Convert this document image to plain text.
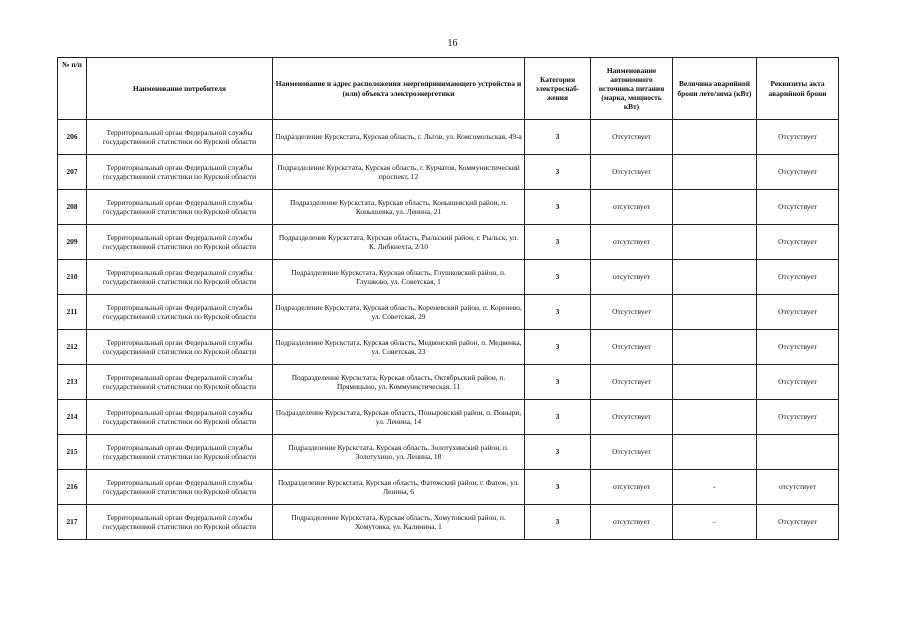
16
№ п/п	Наименование потребителя	Наименование и адрес расположения энергопринимающего устройства и (или) объекта электроэнергетики	Категория электроснаб-жения	Наименование автономного источника питания (марка, мощность кВт)	Величина аварийной брони лето/зима (кВт)	Реквизиты акта аварийной брони
206	Территориальный орган Федеральной службы государственной статистики по Курской области	Подразделение Курскстата, Курская область, г. Льгов, ул. Комсомольская, 49-а	3	Отсутствует		Отсутствует
207	Территориальный орган Федеральной службы государственной статистики по Курской области	Подразделение Курскстата, Курская область, г. Курчатов, Коммунистический проспект, 12	3	Отсутствует		Отсутствует
208	Территориальный орган Федеральной службы государственной статистики по Курской области	Подразделение Курскстата, Курская область, Конышевский район, п. Конышевка, ул. Ленина, 21	3	отсутствует		Отсутствует
209	Территориальный орган Федеральной службы государственной статистики по Курской области	Подразделение Курскстата, Курская область, Рыльский район, г. Рыльск, ул. К. Либкнехта, 2/10	3	отсутствует		Отсутствует
210	Территориальный орган Федеральной службы государственной статистики по Курской области	Подразделение Курскстата, Курская область, Глушковский район, п. Глушково, ул. Советская, 1	3	отсутствует		Отсутствует
211	Территориальный орган Федеральной службы государственной статистики по Курской области	Подразделение Курскстата, Курская область, Кореневский район, п. Коренево, ул. Советская, 29	3	Отсутствует		Отсутствует
212	Территориальный орган Федеральной службы государственной статистики по Курской области	Подразделение Курскстата, Курская область, Медвенский район, п. Медвенка, ул. Советская, 23	3	Отсутствует		Отсутствует
213	Территориальный орган Федеральной службы государственной статистики по Курской области	Подразделение Курскстата, Курская область, Октябрьский район, п. Прямицыно, ул. Коммунистическая, 11	3	Отсутствует		Отсутствует
214	Территориальный орган Федеральной службы государственной статистики по Курской области	Подразделение Курскстата, Курская область, Поныровский район, п. Поныри, ул. Ленина, 14	3	Отсутствует		Отсутствует
215	Территориальный орган Федеральной службы государственной статистики по Курской области	Подразделение Курскстата, Курская область, Золотухинский район, п. Золотухино, ул. Ленина, 18	3	Отсутствует		
216	Территориальный орган Федеральной службы государственной статистики по Курской области	Подразделение Курскстата, Курская область, Фатежский район, г. Фатеж, ул. Ленина, 6	3	отсутствует	-	отсутствует
217	Территориальный орган Федеральной службы государственной статистики по Курской области	Подразделение Курскстата, Курская область, Хомутовский район, п. Хомутовка, ул. Калинина, 1	3	отсутствует	-	Отсутствует
